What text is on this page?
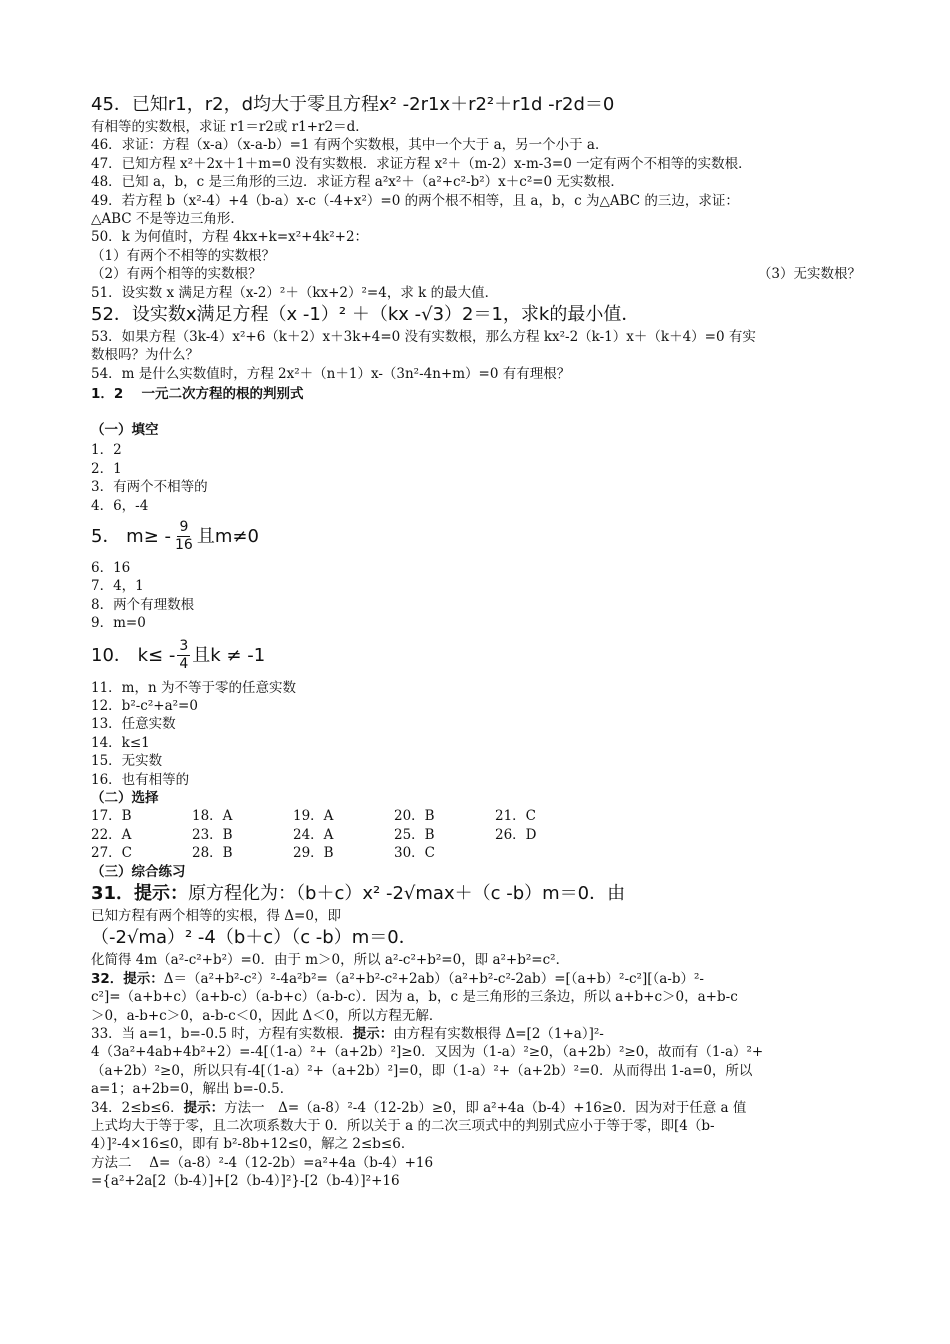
45．已知r1，r2，d均大于零且方程x² -2r1x＋r2²＋r1d -r2d＝0
有相等的实数根，求证 r1＝r2或 r1+r2＝d．
46．求证：方程（x-a）（x-a-b）=1 有两个实数根，其中一个大于 a，另一个小于 a．
47．已知方程 x²＋2x＋1＋m=0 没有实数根．求证方程 x²＋（m-2）x-m-3=0 一定有两个不相等的实数根．
48．已知 a，b，c 是三角形的三边．求证方程 a²x²＋（a²+c²-b²）x＋c²=0 无实数根．
49．若方程 b（x²-4）+4（b-a）x-c（-4+x²）=0 的两个根不相等，且 a，b，c 为△ABC 的三边，求证：
△ABC 不是等边三角形．
50．k 为何值时，方程 4kx+k=x²+4k²+2：
（1）有两个不相等的实数根？
（2）有两个相等的实数根？	（3）无实数根？
51．设实数 x 满足方程（x-2）²＋（kx+2）²=4，求 k 的最大值．
52．设实数x满足方程（x -1）² ＋（kx -√3）2＝1，求k的最小值．
53．如果方程（3k-4）x²+6（k＋2）x＋3k+4=0 没有实数根，那么方程 kx²-2（k-1）x＋（k＋4）=0 有实
数根吗？为什么？
54．m 是什么实数值时，方程 2x²＋（n＋1）x-（3n²-4n+m）=0 有有理根？
1．2　 一元二次方程的根的判别式
（一）填空
1．2
2．1
3．有两个不相等的
4．6，-4
5． $m\ge - \frac{9}{16}$ 且m≠0
6．16
7．4，1
8．两个有理数根
9．m=0
10． $k\le - \frac{3}{4}$ 且k ≠ -1
11．m，n 为不等于零的任意实数
12．b²-c²+a²=0
13．任意实数
14．k≤1
15．无实数
16．也有相等的
（二）选择
17．B	18．A	19．A	20．B	21．C
22．A	23．B	24．A	25．B	26．D
27．C	28．B	29．B	30．C
（三）综合练习
31．提示：原方程化为：（b＋c）x² -2√max＋（c -b）m＝0．由
已知方程有两个相等的实根，得 Δ=0，即
（-2√ma）² -4（b＋c）（c -b）m＝0．
化简得 4m（a²-c²+b²）=0．由于 m＞0，所以 a²-c²+b²=0，即 a²+b²=c²．
32．提示：Δ＝（a²+b²-c²）²-4a²b²=（a²+b²-c²+2ab）（a²+b²-c²-2ab）=[（a+b）²-c²][（a-b）²-
c²]=（a+b+c）（a+b-c）（a-b+c）（a-b-c）．因为 a，b，c 是三角形的三条边，所以 a+b+c＞0，a+b-c
＞0，a-b+c＞0，a-b-c＜0，因此 Δ＜0，所以方程无解．
33．当 a=1，b=-0.5 时，方程有实数根．提示：由方程有实数根得 Δ=[2（1+a）]²-
4（3a²+4ab+4b²+2）=-4[（1-a）²+（a+2b）²]≥0．又因为（1-a）²≥0，（a+2b）²≥0，故而有（1-a）²+
（a+2b）²≥0，所以只有-4[（1-a）²+（a+2b）²]=0，即（1-a）²+（a+2b）²=0．从而得出 1-a=0，所以
a=1；a+2b=0，解出 b=-0.5．
34．2≤b≤6．提示：方法一　Δ=（a-8）²-4（12-2b）≥0，即 a²+4a（b-4）+16≥0．因为对于任意 a 值
上式均大于等于零，且二次项系数大于 0．所以关于 a 的二次三项式中的判别式应小于等于零，即[4（b-
4）]²-4×16≤0，即有 b²-8b+12≤0，解之 2≤b≤6．
方法二　 Δ=（a-8）²-4（12-2b）=a²+4a（b-4）+16
={a²+2a[2（b-4）]+[2（b-4）]²}-[2（b-4）]²+16
